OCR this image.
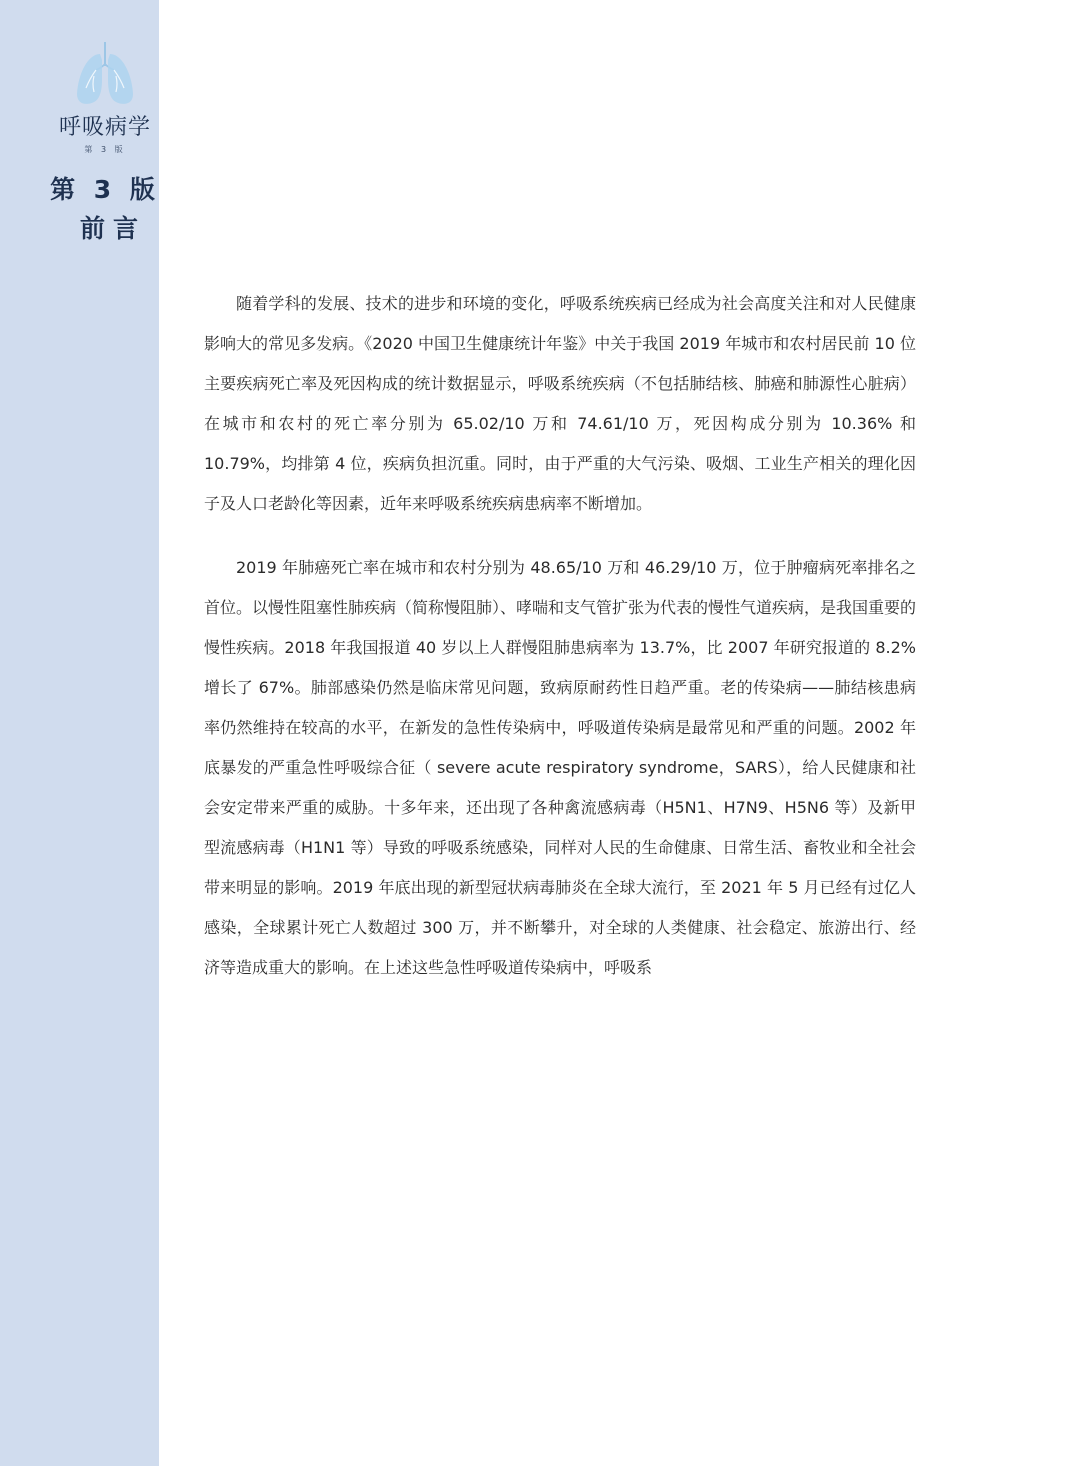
呼吸病学
第 3 版
第 3 版
前言

随着学科的发展、技术的进步和环境的变化，呼吸系统疾病已经成为社会高度关注和对人民健康影响大的常见多发病。《2020 中国卫生健康统计年鉴》中关于我国 2019 年城市和农村居民前 10 位主要疾病死亡率及死因构成的统计数据显示，呼吸系统疾病（不包括肺结核、肺癌和肺源性心脏病）在城市和农村的死亡率分别为 65.02/10 万和 74.61/10 万，死因构成分别为 10.36% 和 10.79%，均排第 4 位，疾病负担沉重。同时，由于严重的大气污染、吸烟、工业生产相关的理化因子及人口老龄化等因素，近年来呼吸系统疾病患病率不断增加。

2019 年肺癌死亡率在城市和农村分别为 48.65/10 万和 46.29/10 万，位于肿瘤病死率排名之首位。以慢性阻塞性肺疾病（简称慢阻肺）、哮喘和支气管扩张为代表的慢性气道疾病，是我国重要的慢性疾病。2018 年我国报道 40 岁以上人群慢阻肺患病率为 13.7%，比 2007 年研究报道的 8.2% 增长了 67%。肺部感染仍然是临床常见问题，致病原耐药性日趋严重。老的传染病——肺结核患病率仍然维持在较高的水平，在新发的急性传染病中，呼吸道传染病是最常见和严重的问题。2002 年底暴发的严重急性呼吸综合征（ severe acute respiratory syndrome，SARS），给人民健康和社会安定带来严重的威胁。十多年来，还出现了各种禽流感病毒（H5N1、H7N9、H5N6 等）及新甲型流感病毒（H1N1 等）导致的呼吸系统感染，同样对人民的生命健康、日常生活、畜牧业和全社会带来明显的影响。2019 年底出现的新型冠状病毒肺炎在全球大流行，至 2021 年 5 月已经有过亿人感染，全球累计死亡人数超过 300 万，并不断攀升，对全球的人类健康、社会稳定、旅游出行、经济等造成重大的影响。在上述这些急性呼吸道传染病中，呼吸系
